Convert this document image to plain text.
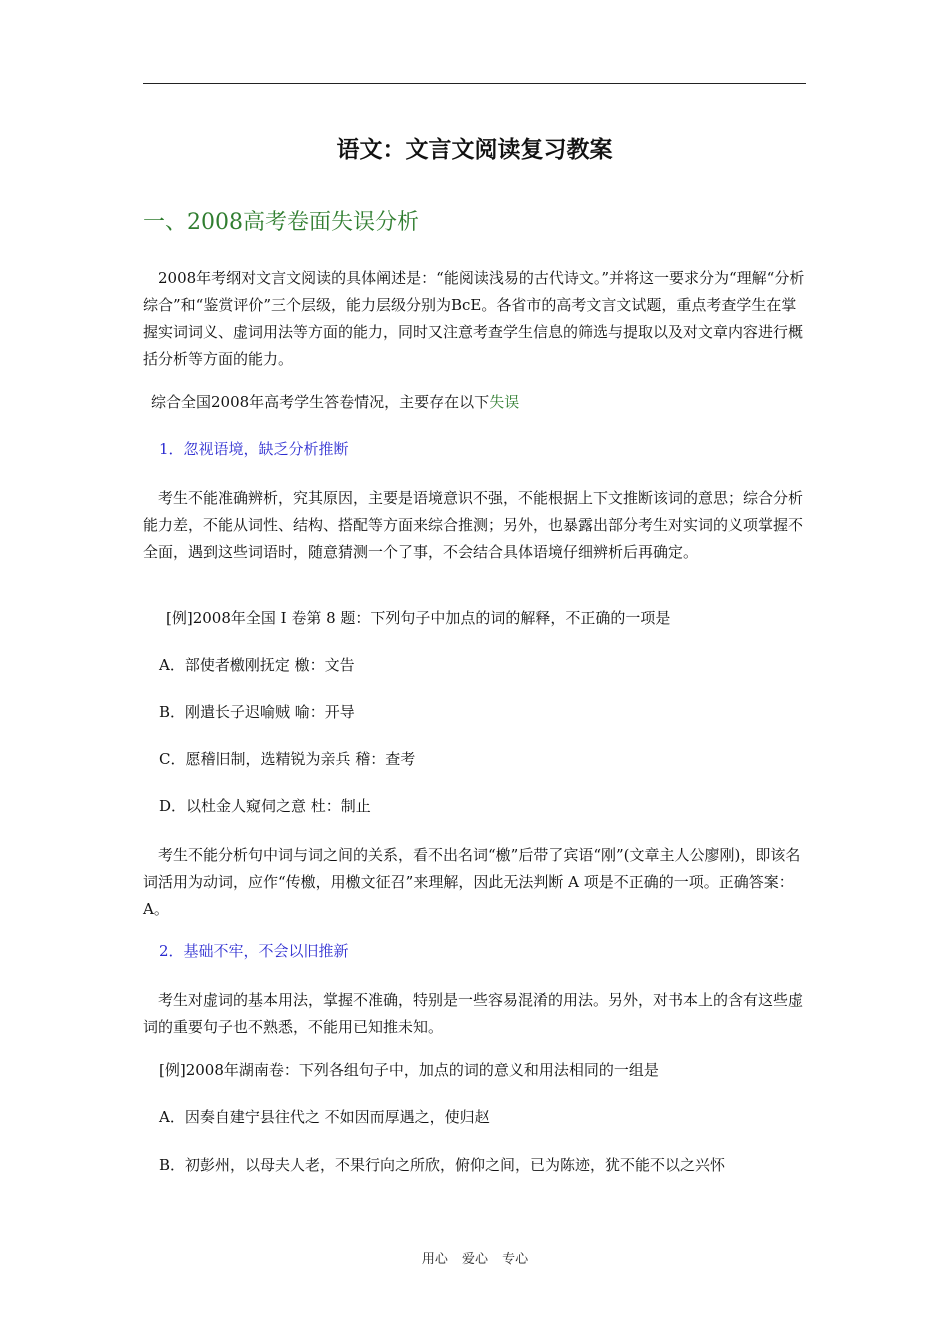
语文：文言文阅读复习教案
一、2008高考卷面失误分析
2008年考纲对文言文阅读的具体阐述是：“能阅读浅易的古代诗文。”并将这一要求分为“理解“分析综合”和“鉴赏评价”三个层级，能力层级分别为BcE。各省市的高考文言文试题，重点考查学生在掌握实词词义、虚词用法等方面的能力，同时又注意考查学生信息的筛选与提取以及对文章内容进行概括分析等方面的能力。
综合全国2008年高考学生答卷情况，主要存在以下失误
1．忽视语境，缺乏分析推断
考生不能准确辨析，究其原因，主要是语境意识不强，不能根据上下文推断该词的意思；综合分析能力差，不能从词性、结构、搭配等方面来综合推测；另外，也暴露出部分考生对实词的义项掌握不全面，遇到这些词语时，随意猜测一个了事，不会结合具体语境仔细辨析后再确定。
[例]2008年全国 I 卷第 8 题：下列句子中加点的词的解释，不正确的一项是
A．部使者檄刚抚定 檄：文告
B．刚遣长子迟喻贼 喻：开导
C．愿稽旧制，选精锐为亲兵 稽：查考
D．以杜金人窥伺之意 杜：制止
考生不能分析句中词与词之间的关系，看不出名词“檄”后带了宾语“刚”(文章主人公廖刚)，即该名词活用为动词，应作“传檄，用檄文征召”来理解，因此无法判断 A 项是不正确的一项。正确答案：A。
2．基础不牢，不会以旧推新
考生对虚词的基本用法，掌握不准确，特别是一些容易混淆的用法。另外，对书本上的含有这些虚词的重要句子也不熟悉，不能用已知推未知。
[例]2008年湖南卷：下列各组句子中，加点的词的意义和用法相同的一组是
A．因奏自建宁县往代之 不如因而厚遇之，使归赵
B．初彭州，以母夫人老，不果行向之所欣，俯仰之间，已为陈迹，犹不能不以之兴怀
用心 爱心 专心
